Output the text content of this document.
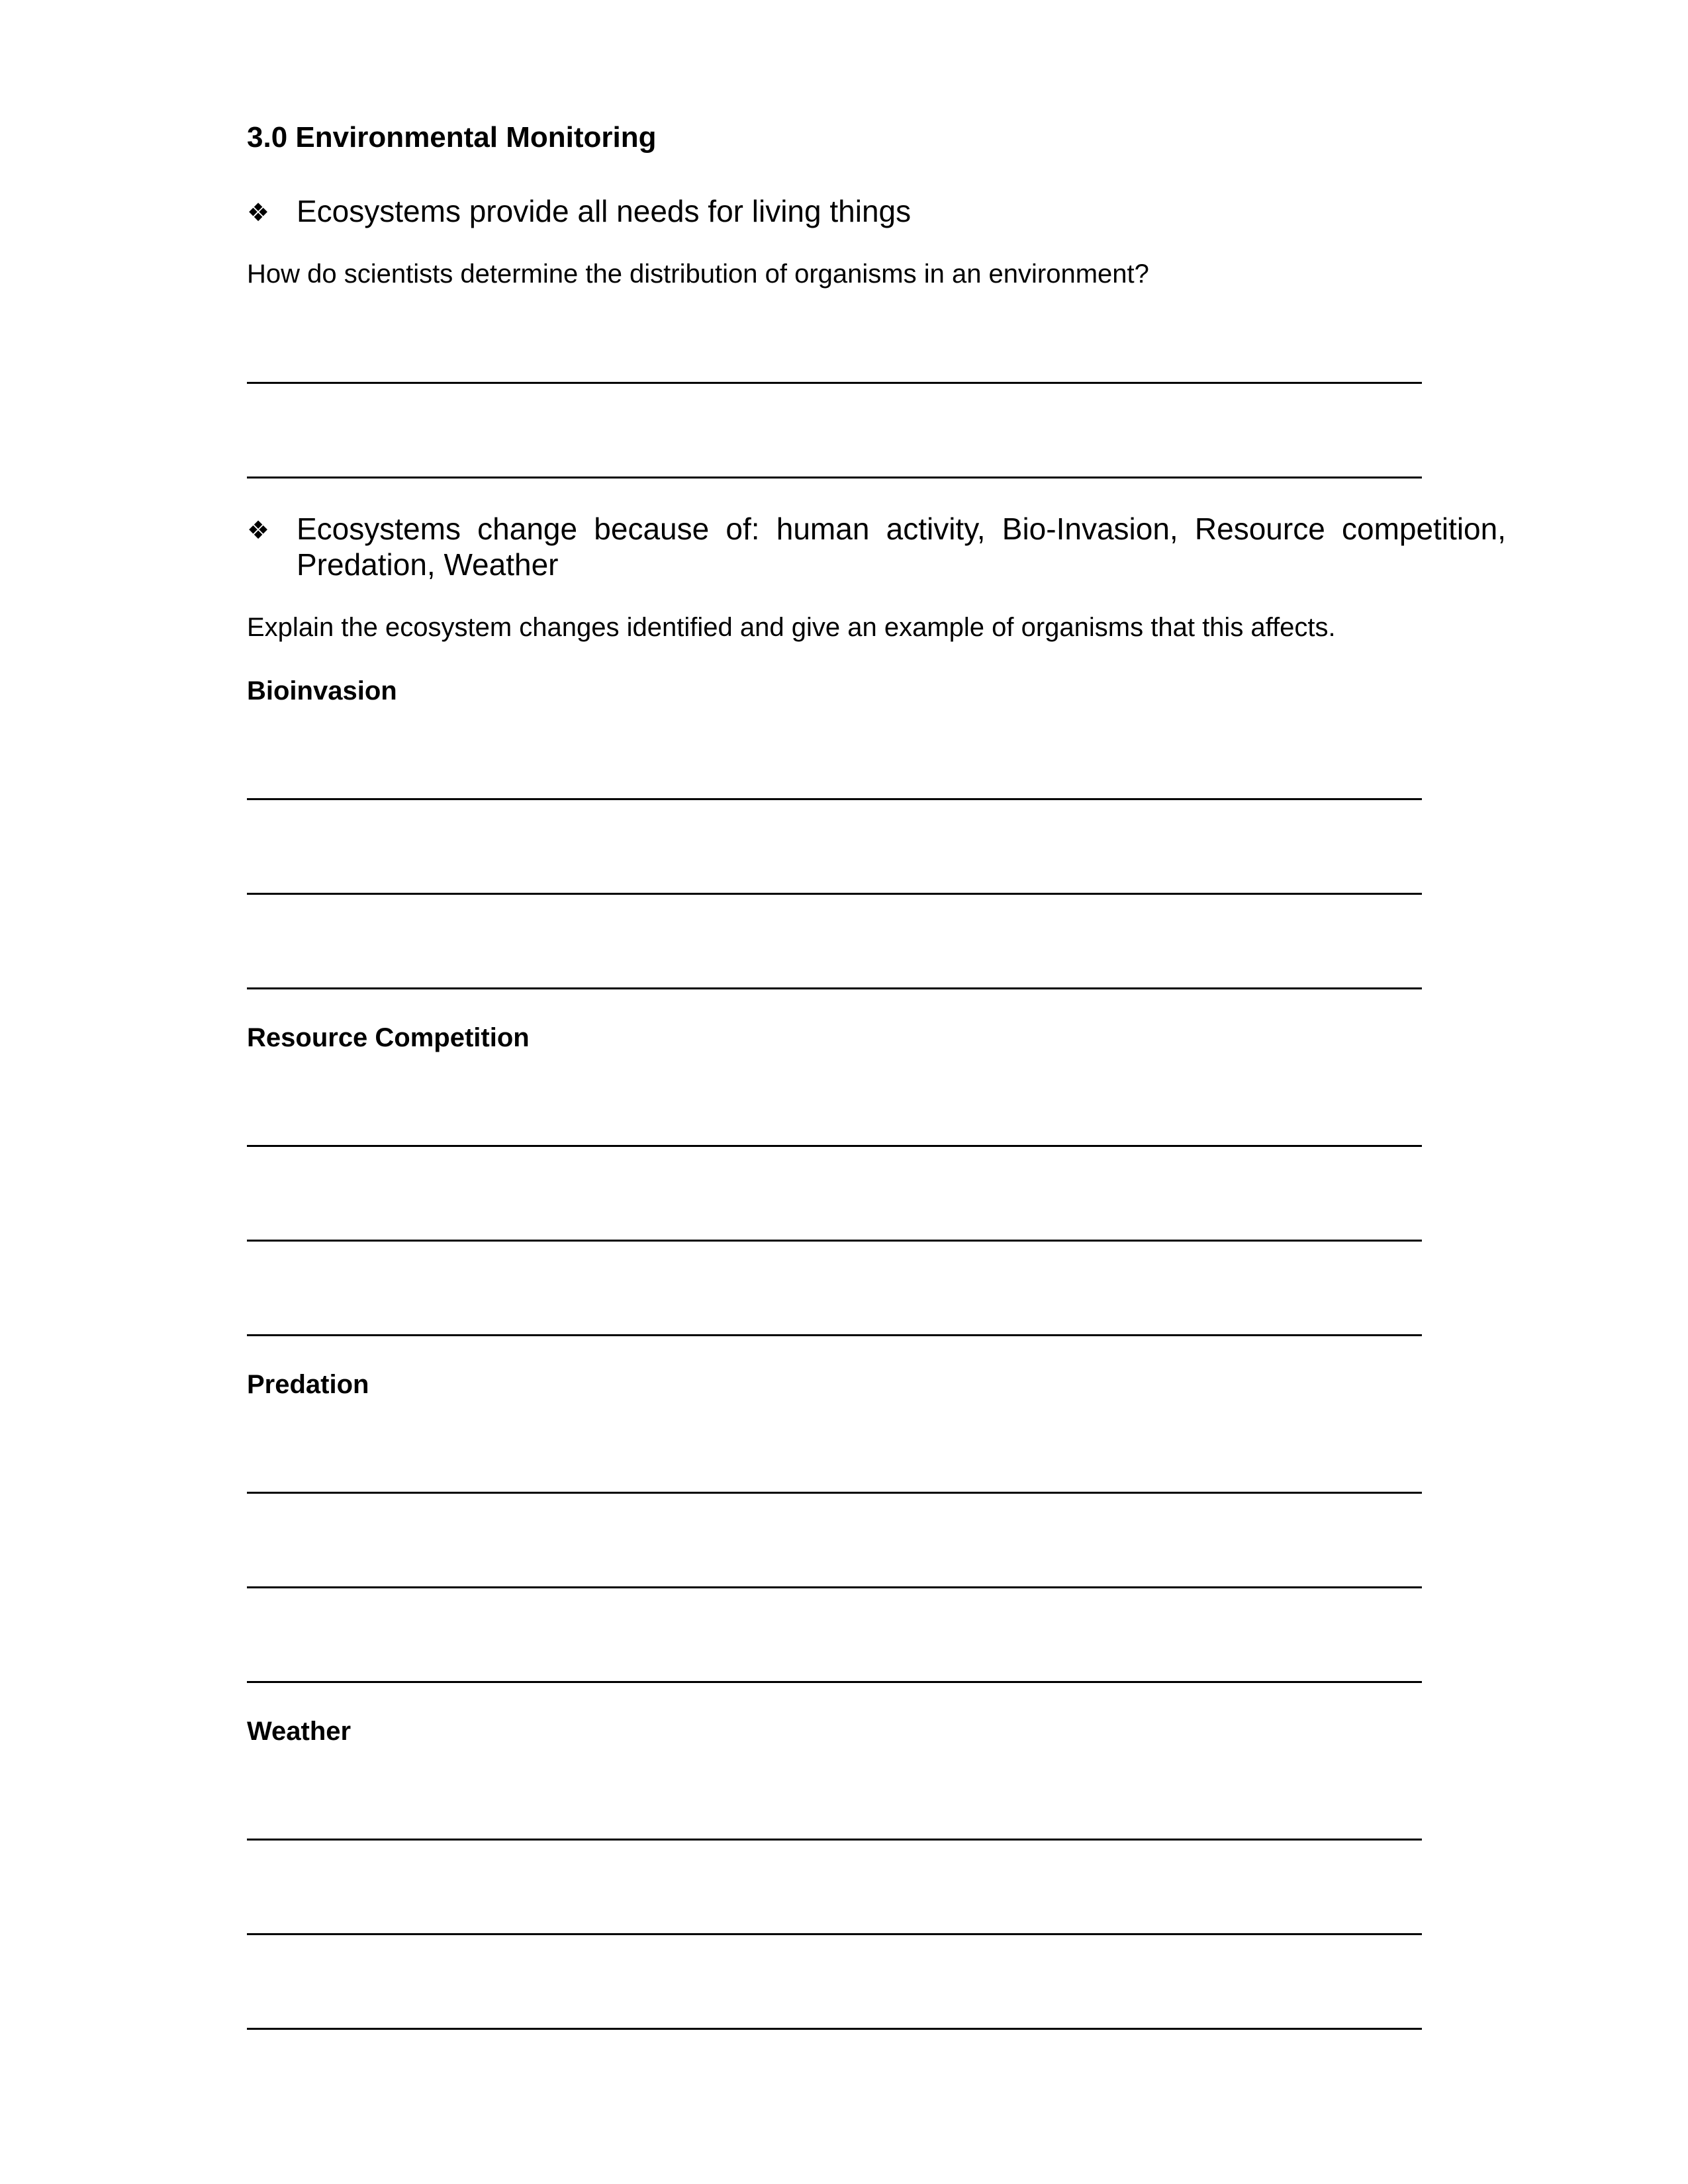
3.0 Environmental Monitoring
❖ Ecosystems provide all needs for living things

How do scientists determine the distribution of organisms in an environment?

❖ Ecosystems change because of: human activity, Bio-Invasion, Resource competition, Predation, Weather

Explain the ecosystem changes identified and give an example of organisms that this affects.

Bioinvasion
Resource Competition
Predation
Weather
